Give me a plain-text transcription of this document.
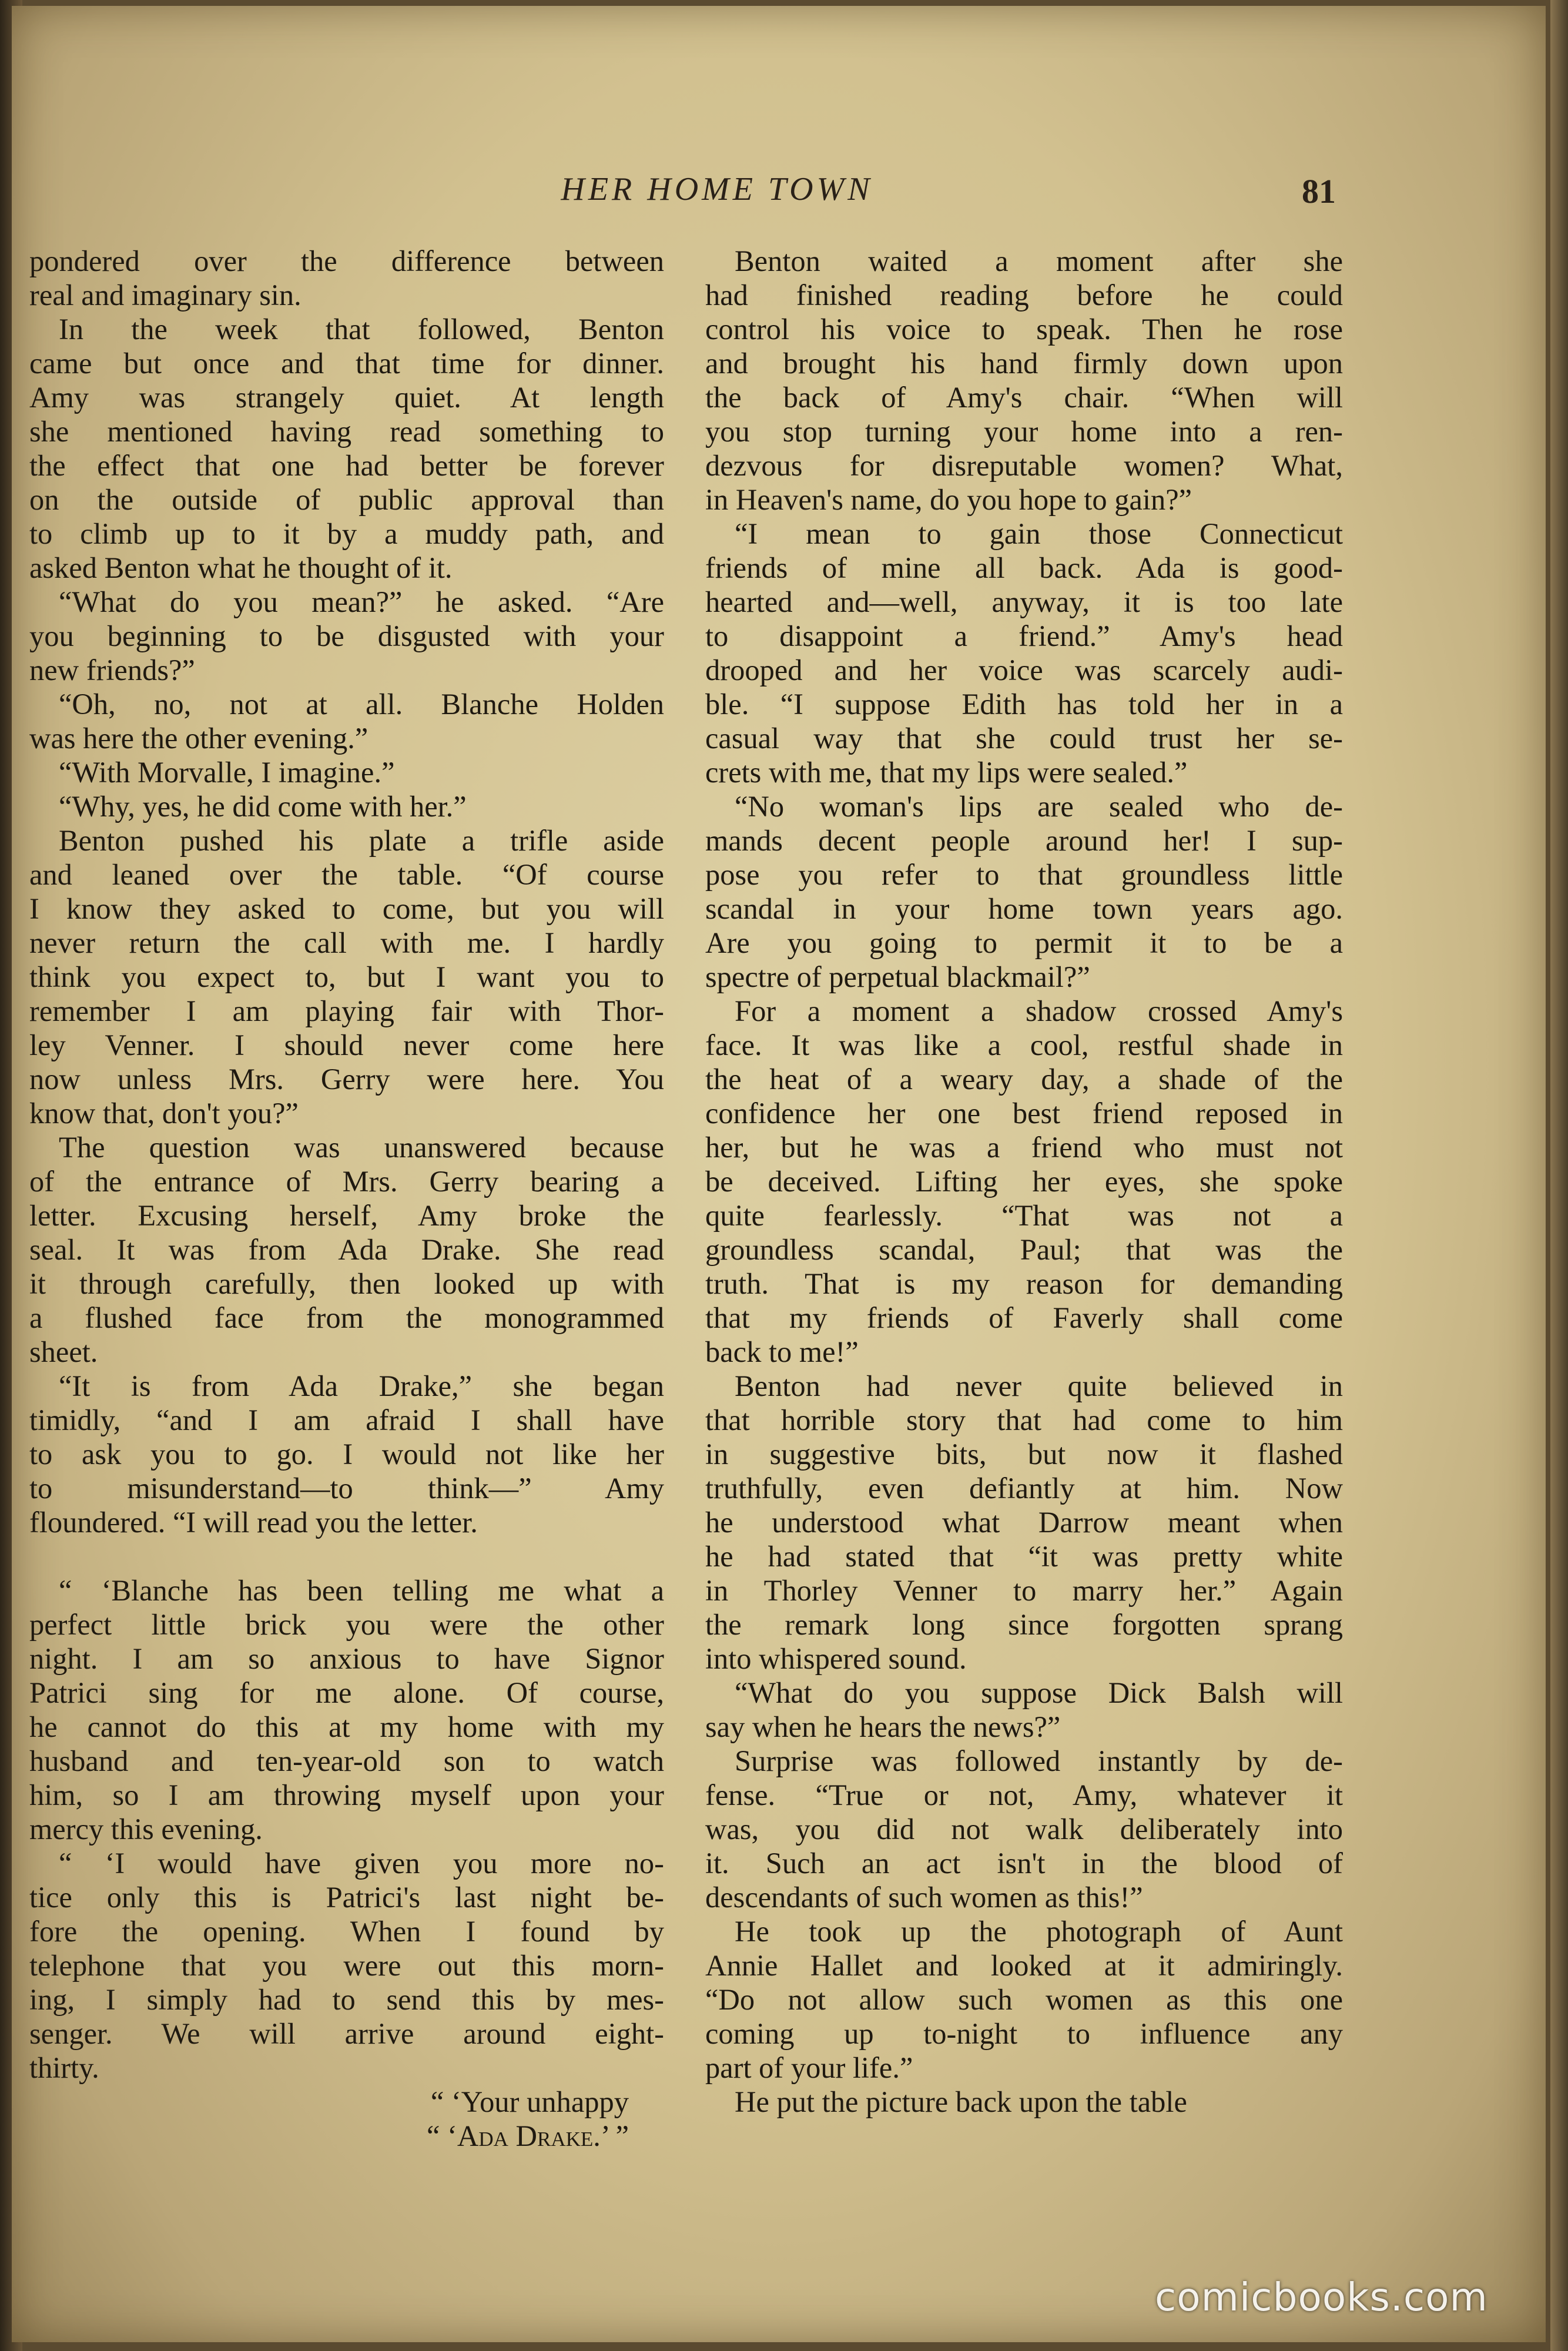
HER HOME TOWN	81
pondered over the difference between
real and imaginary sin.
In the week that followed, Benton
came but once and that time for dinner.
Amy was strangely quiet. At length
she mentioned having read something to
the effect that one had better be forever
on the outside of public approval than
to climb up to it by a muddy path, and
asked Benton what he thought of it.
“What do you mean?” he asked. “Are
you beginning to be disgusted with your
new friends?”
“Oh, no, not at all. Blanche Holden
was here the other evening.”
“With Morvalle, I imagine.”
“Why, yes, he did come with her.”
Benton pushed his plate a trifle aside
and leaned over the table. “Of course
I know they asked to come, but you will
never return the call with me. I hardly
think you expect to, but I want you to
remember I am playing fair with Thor-
ley Venner. I should never come here
now unless Mrs. Gerry were here. You
know that, don't you?”
The question was unanswered because
of the entrance of Mrs. Gerry bearing a
letter. Excusing herself, Amy broke the
seal. It was from Ada Drake. She read
it through carefully, then looked up with
a flushed face from the monogrammed
sheet.
“It is from Ada Drake,” she began
timidly, “and I am afraid I shall have
to ask you to go. I would not like her
to misunderstand—to think—” Amy
floundered. “I will read you the letter.
“ ‘Blanche has been telling me what a
perfect little brick you were the other
night. I am so anxious to have Signor
Patrici sing for me alone. Of course,
he cannot do this at my home with my
husband and ten-year-old son to watch
him, so I am throwing myself upon your
mercy this evening.
“ ‘I would have given you more no-
tice only this is Patrici's last night be-
fore the opening. When I found by
telephone that you were out this morn-
ing, I simply had to send this by mes-
senger. We will arrive around eight-
thirty.
“ ‘Your unhappy
“ ‘Ada Drake.’ ”
Benton waited a moment after she
had finished reading before he could
control his voice to speak. Then he rose
and brought his hand firmly down upon
the back of Amy's chair. “When will
you stop turning your home into a ren-
dezvous for disreputable women? What,
in Heaven's name, do you hope to gain?”
“I mean to gain those Connecticut
friends of mine all back. Ada is good-
hearted and—well, anyway, it is too late
to disappoint a friend.” Amy's head
drooped and her voice was scarcely audi-
ble. “I suppose Edith has told her in a
casual way that she could trust her se-
crets with me, that my lips were sealed.”
“No woman's lips are sealed who de-
mands decent people around her! I sup-
pose you refer to that groundless little
scandal in your home town years ago.
Are you going to permit it to be a
spectre of perpetual blackmail?”
For a moment a shadow crossed Amy's
face. It was like a cool, restful shade in
the heat of a weary day, a shade of the
confidence her one best friend reposed in
her, but he was a friend who must not
be deceived. Lifting her eyes, she spoke
quite fearlessly. “That was not a
groundless scandal, Paul; that was the
truth. That is my reason for demanding
that my friends of Faverly shall come
back to me!”
Benton had never quite believed in
that horrible story that had come to him
in suggestive bits, but now it flashed
truthfully, even defiantly at him. Now
he understood what Darrow meant when
he had stated that “it was pretty white
in Thorley Venner to marry her.” Again
the remark long since forgotten sprang
into whispered sound.
“What do you suppose Dick Balsh will
say when he hears the news?”
Surprise was followed instantly by de-
fense. “True or not, Amy, whatever it
was, you did not walk deliberately into
it. Such an act isn't in the blood of
descendants of such women as this!”
He took up the photograph of Aunt
Annie Hallet and looked at it admiringly.
“Do not allow such women as this one
coming up to-night to influence any
part of your life.”
He put the picture back upon the table
comicbooks.com
